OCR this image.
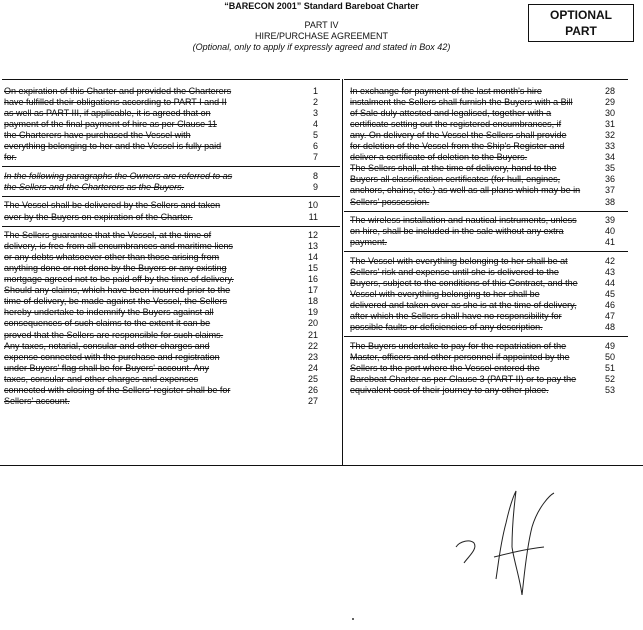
“BARECON 2001” Standard Bareboat Charter
OPTIONAL
PART
PART IV
HIRE/PURCHASE AGREEMENT
(Optional, only to apply if expressly agreed and stated in Box 42)
On expiration of this Charter and provided the Charterers	1
have fulfilled their obligations according to PART I and II	2
as well as PART III, if applicable, it is agreed that on	3
payment of the final payment of hire as per Clause 11	4
the Charterers have purchased the Vessel with	5
everything belonging to her and the Vessel is fully paid	6
for.	7
In the following paragraphs the Owners are referred to as	8
the Sellers and the Charterers as the Buyers.	9
The Vessel shall be delivered by the Sellers and taken	10
over by the Buyers on expiration of the Charter.	11
The Sellers guarantee that the Vessel, at the time of	12
delivery, is free from all encumbrances and maritime liens	13
or any debts whatsoever other than those arising from	14
anything done or not done by the Buyers or any existing	15
mortgage agreed not to be paid off by the time of delivery.	16
Should any claims, which have been incurred prior to the	17
time of delivery, be made against the Vessel, the Sellers	18
hereby undertake to indemnify the Buyers against all	19
consequences of such claims to the extent it can be	20
proved that the Sellers are responsible for such claims.	21
Any taxes, notarial, consular and other charges and	22
expense connected with the purchase and registration	23
under Buyers' flag shall be for Buyers' account. Any	24
taxes, consular and other charges and expenses	25
connected with closing of the Sellers' register shall be for	26
Sellers' account.	27
In exchange for payment of the last month's hire	28
instalment the Sellers shall furnish the Buyers with a Bill	29
of Sale duly attested and legalised, together with a	30
certificate setting out the registered encumbrances, if	31
any. On delivery of the Vessel the Sellers shall provide	32
for deletion of the Vessel from the Ship's Register and	33
deliver a certificate of deletion to the Buyers.	34
The Sellers shall, at the time of delivery, hand to the	35
Buyers all classification certificates (for hull, engines,	36
anchors, chains, etc.) as well as all plans which may be in	37
Sellers' possession.	38
The wireless installation and nautical instruments, unless	39
on hire, shall be included in the sale without any extra	40
payment.	41
The Vessel with everything belonging to her shall be at	42
Sellers' risk and expense until she is delivered to the	43
Buyers, subject to the conditions of this Contract, and the	44
Vessel with everything belonging to her shall be	45
delivered and taken over as she is at the time of delivery,	46
after which the Sellers shall have no responsibility for	47
possible faults or deficiencies of any description.	48
The Buyers undertake to pay for the repatriation of the	49
Master, officers and other personnel if appointed by the	50
Sellers to the port where the Vessel entered the	51
Bareboat Charter as per Clause 3 (PART II) or to pay the	52
equivalent cost of their journey to any other place.	53
